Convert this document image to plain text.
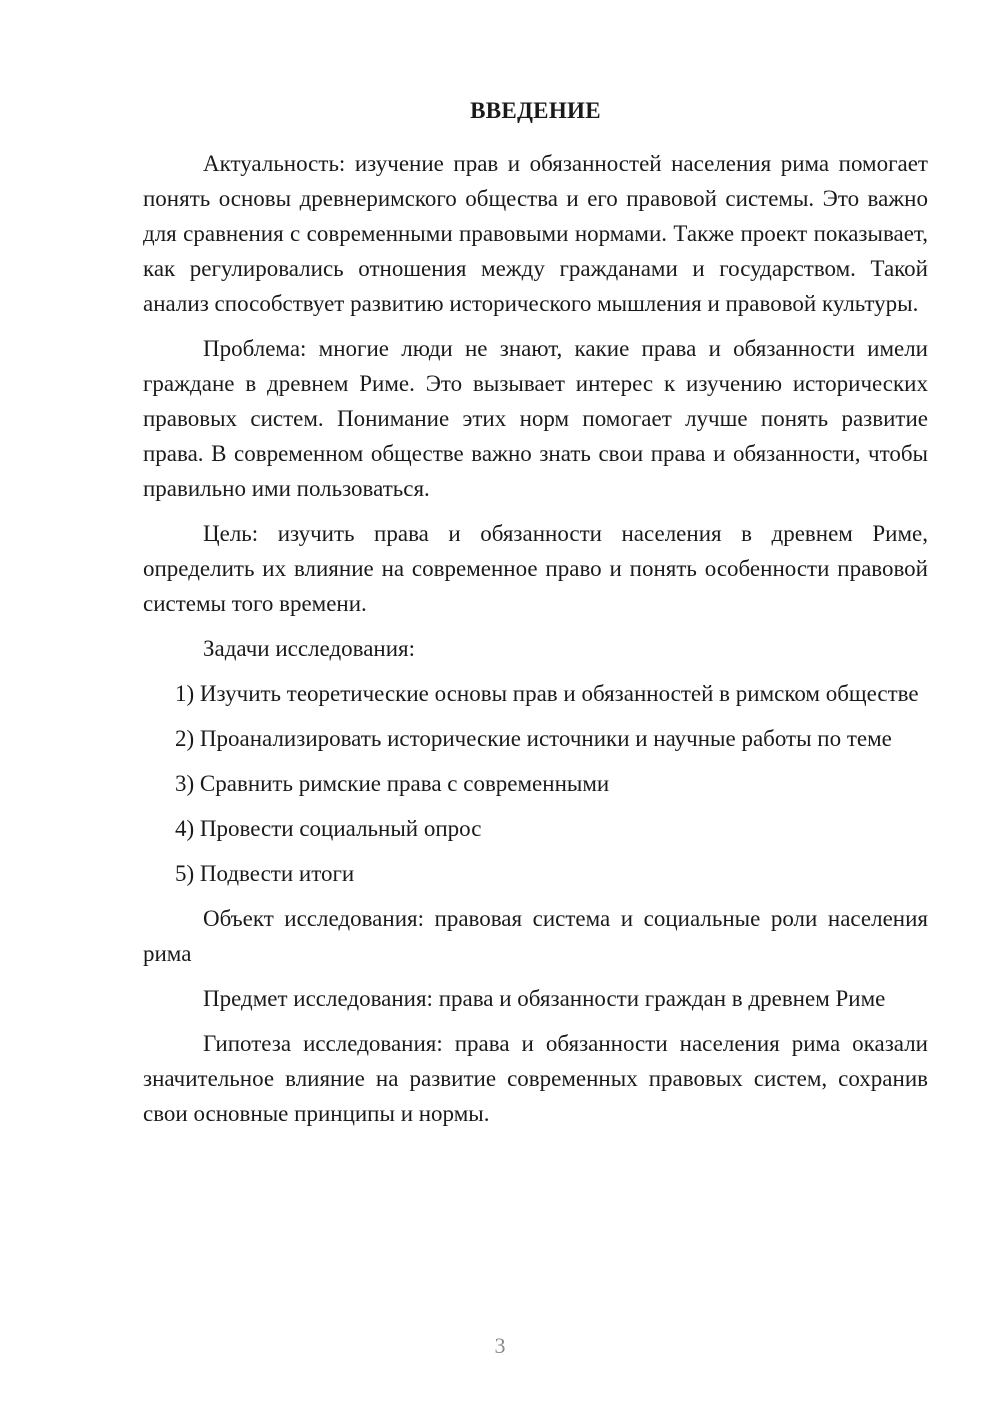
ВВЕДЕНИЕ

Актуальность: изучение прав и обязанностей населения рима помогает понять основы древнеримского общества и его правовой системы. Это важно для сравнения с современными правовыми нормами. Также проект показывает, как регулировались отношения между гражданами и государством. Такой анализ способствует развитию исторического мышления и правовой культуры.

Проблема: многие люди не знают, какие права и обязанности имели граждане в древнем Риме. Это вызывает интерес к изучению исторических правовых систем. Понимание этих норм помогает лучше понять развитие права. В современном обществе важно знать свои права и обязанности, чтобы правильно ими пользоваться.

Цель: изучить права и обязанности населения в древнем Риме, определить их влияние на современное право и понять особенности правовой системы того времени.

Задачи исследования:

1) Изучить теоретические основы прав и обязанностей в римском обществе

2) Проанализировать исторические источники и научные работы по теме

3) Сравнить римские права с современными

4) Провести социальный опрос

5) Подвести итоги

Объект исследования: правовая система и социальные роли населения рима

Предмет исследования: права и обязанности граждан в древнем Риме

Гипотеза исследования: права и обязанности населения рима оказали значительное влияние на развитие современных правовых систем, сохранив свои основные принципы и нормы.

3
